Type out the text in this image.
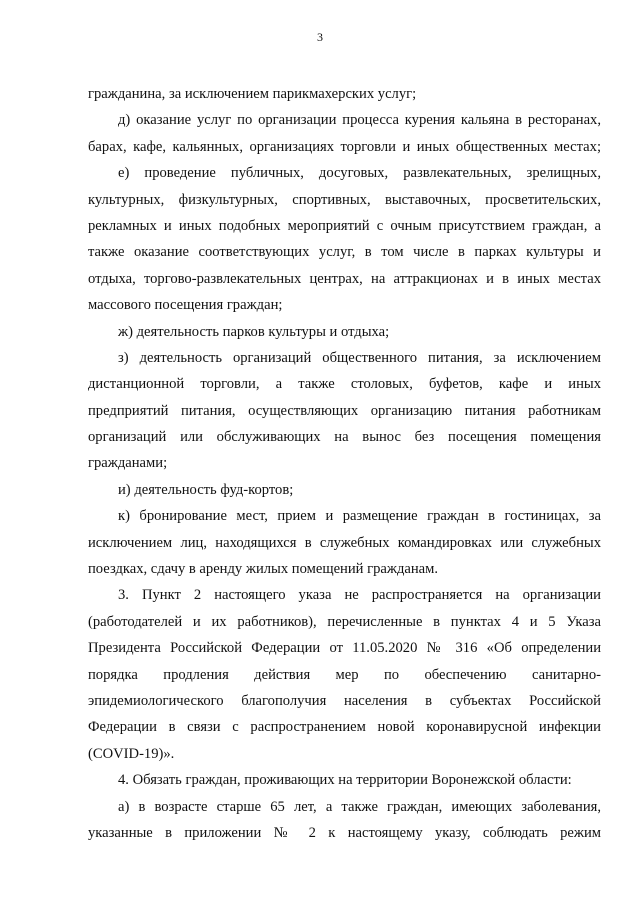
3
гражданина, за исключением парикмахерских услуг;
д) оказание услуг по организации процесса курения кальяна в ресторанах,
барах, кафе, кальянных, организациях торговли и иных общественных местах;
е) проведение публичных, досуговых, развлекательных, зрелищных,
культурных, физкультурных, спортивных, выставочных, просветительских,
рекламных и иных подобных мероприятий с очным присутствием граждан, а
также оказание соответствующих услуг, в том числе в парках культуры и
отдыха, торгово-развлекательных центрах, на аттракционах и в иных местах
массового посещения граждан;
ж) деятельность парков культуры и отдыха;
з) деятельность организаций общественного питания, за исключением
дистанционной торговли, а также столовых, буфетов, кафе и иных
предприятий питания, осуществляющих организацию питания работникам
организаций или обслуживающих на вынос без посещения помещения
гражданами;
и) деятельность фуд-кортов;
к) бронирование мест, прием и размещение граждан в гостиницах, за
исключением лиц, находящихся в служебных командировках или служебных
поездках, сдачу в аренду жилых помещений гражданам.
3. Пункт 2 настоящего указа не распространяется на организации
(работодателей и их работников), перечисленные в пунктах 4 и 5 Указа
Президента Российской Федерации от 11.05.2020 № 316 «Об определении
порядка продления действия мер по обеспечению санитарно-
эпидемиологического благополучия населения в субъектах Российской
Федерации в связи с распространением новой коронавирусной инфекции
(COVID-19)».
4. Обязать граждан, проживающих на территории Воронежской области:
а) в возрасте старше 65 лет, а также граждан, имеющих заболевания,
указанные в приложении № 2 к настоящему указу, соблюдать режим
